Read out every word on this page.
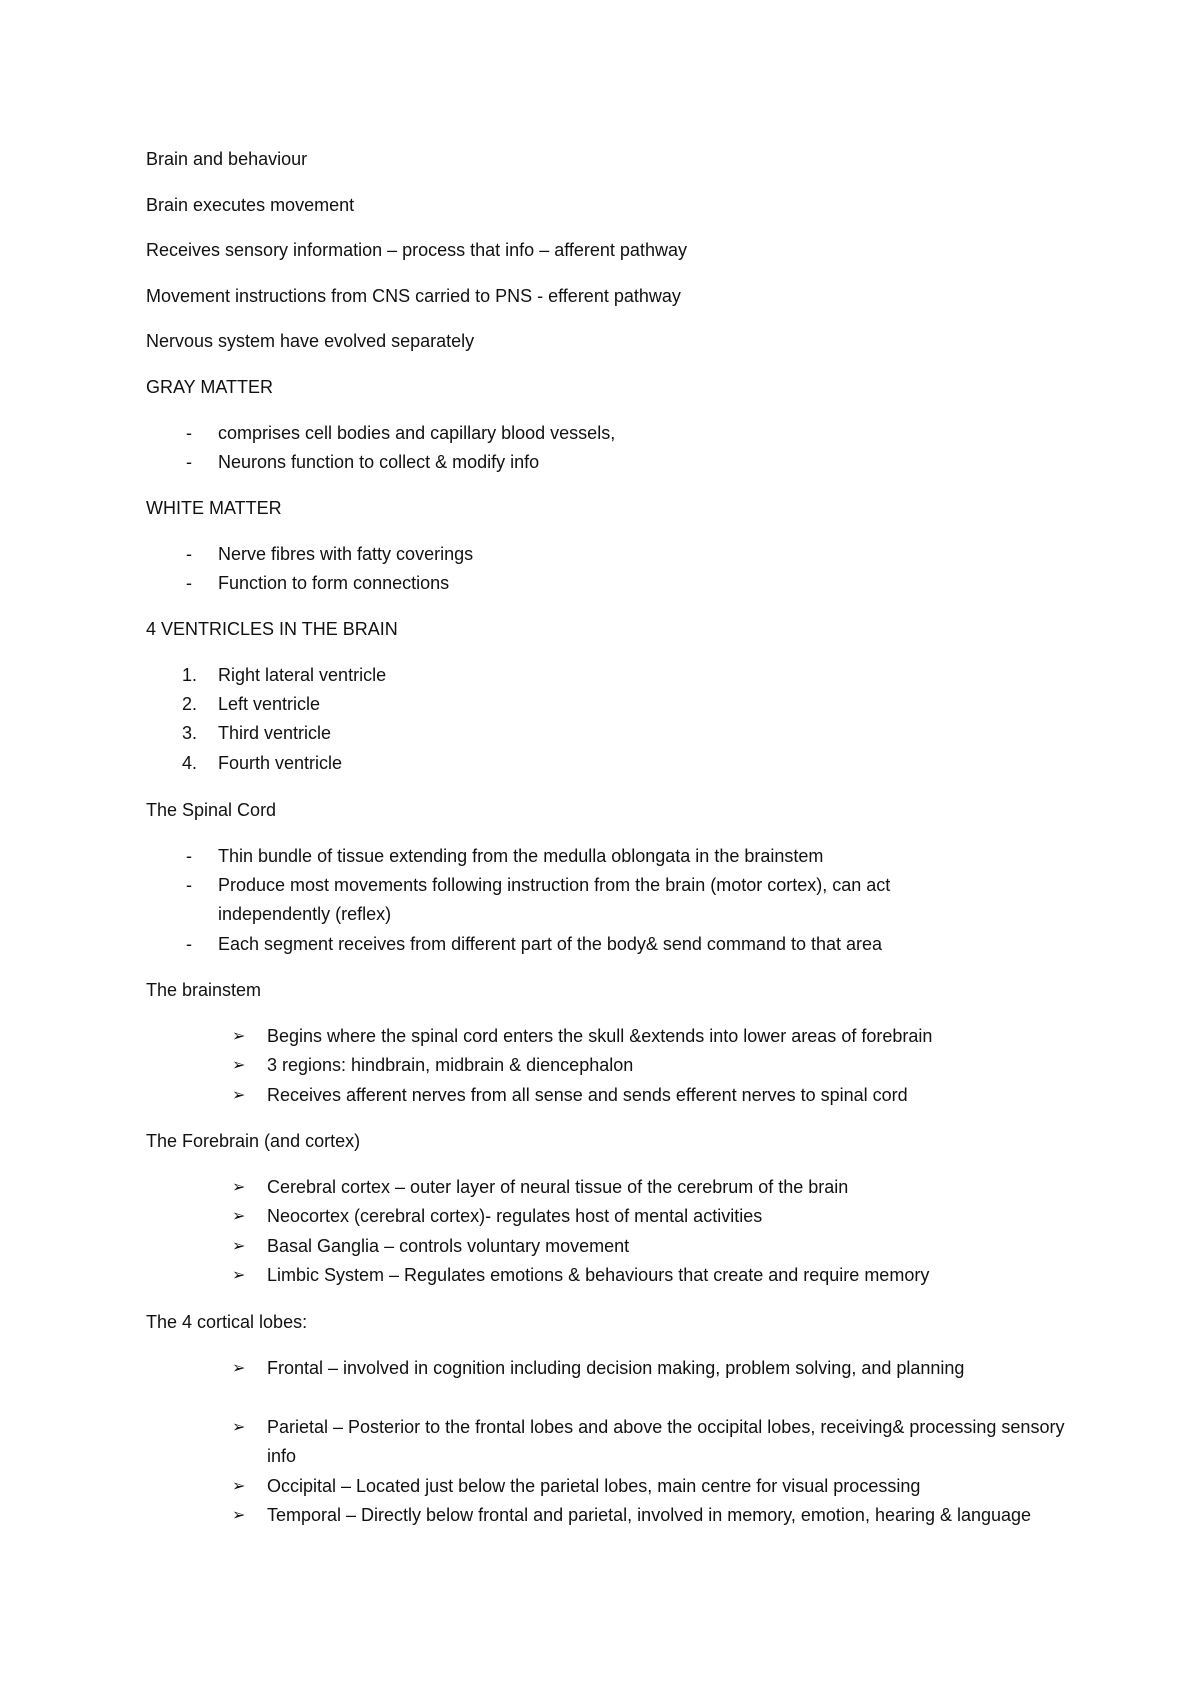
Brain and behaviour
Brain executes movement
Receives sensory information – process that info – afferent pathway
Movement instructions from CNS carried to PNS - efferent pathway
Nervous system have evolved separately
GRAY MATTER
-	comprises cell bodies and capillary blood vessels,
-	Neurons function to collect & modify info
WHITE MATTER
-	Nerve fibres with fatty coverings
-	Function to form connections
4 VENTRICLES IN THE BRAIN
1.	Right lateral ventricle
2.	Left ventricle
3.	Third ventricle
4.	Fourth ventricle
The Spinal Cord
-	Thin bundle of tissue extending from the medulla oblongata in the brainstem
-	Produce most movements following instruction from the brain (motor cortex), can act independently (reflex)
-	Each segment receives from different part of the body& send command to that area
The brainstem
➢	Begins where the spinal cord enters the skull &extends into lower areas of forebrain
➢	3 regions: hindbrain, midbrain & diencephalon
➢	Receives afferent nerves from all sense and sends efferent nerves to spinal cord
The Forebrain (and cortex)
➢	Cerebral cortex – outer layer of neural tissue of the cerebrum of the brain
➢	Neocortex (cerebral cortex)- regulates host of mental activities
➢	Basal Ganglia – controls voluntary movement
➢	Limbic System – Regulates emotions & behaviours that create and require memory
The 4 cortical lobes:
➢	Frontal – involved in cognition including decision making, problem solving, and planning
➢	Parietal – Posterior to the frontal lobes and above the occipital lobes, receiving& processing sensory info
➢	Occipital – Located just below the parietal lobes, main centre for visual processing
➢	Temporal – Directly below frontal and parietal, involved in memory, emotion, hearing & language
